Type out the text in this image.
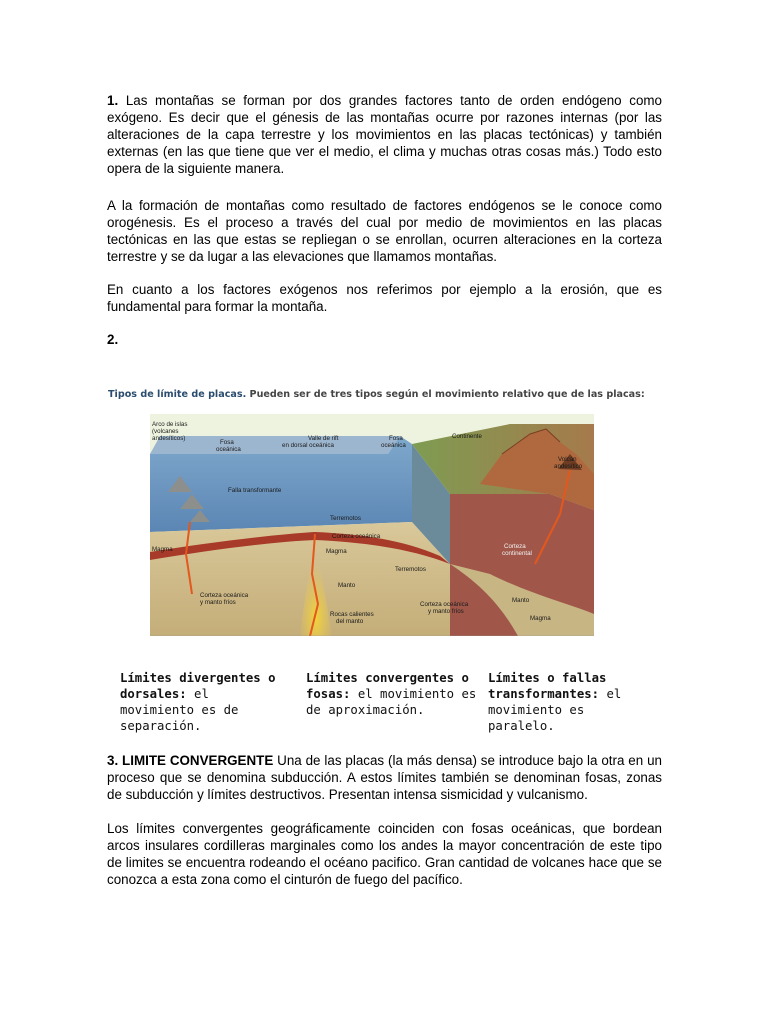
1. Las montañas se forman por dos grandes factores tanto de orden endógeno como exógeno. Es decir que el génesis de las montañas ocurre por razones internas (por las alteraciones de la capa terrestre y los movimientos en las placas tectónicas) y también externas (en las que tiene que ver el medio, el clima y muchas otras cosas más.) Todo esto opera de la siguiente manera.

A la formación de montañas como resultado de factores endógenos se le conoce como orogénesis. Es el proceso a través del cual por medio de movimientos en las placas tectónicas en las que estas se repliegan o se enrollan, ocurren alteraciones en la corteza terrestre y se da lugar a las elevaciones que llamamos montañas.

En cuanto a los factores exógenos nos referimos por ejemplo a la erosión, que es fundamental para formar la montaña.

2.

Tipos de límite de placas. Pueden ser de tres tipos según el movimiento relativo que de las placas:
Arco de islas
(volcanes
andesíticos)
Fosa
oceánica
Valle de rift
en dorsal oceánica
Fosa
oceánica
Continente
Volcán
andesítico
Falla transformante
Terremotos
Corteza oceánica
Magma	Magma
Terremotos
Corteza
continental
Manto
Manto
Corteza oceánica
y manto fríos
Rocas calientes
del manto
Corteza oceánica
y manto fríos
Magma
Límites divergentes o dorsales: el movimiento es de separación.
Límites convergentes o fosas: el movimiento es de aproximación.
Límites o fallas transformantes: el movimiento es paralelo.

3. LIMITE CONVERGENTE Una de las placas (la más densa) se introduce bajo la otra en un proceso que se denomina subducción. A estos límites también se denominan fosas, zonas de subducción y límites destructivos. Presentan intensa sismicidad y vulcanismo.

Los límites convergentes geográficamente coinciden con fosas oceánicas, que bordean arcos insulares cordilleras marginales como los andes la mayor concentración de este tipo de limites se encuentra rodeando el océano pacifico. Gran cantidad de volcanes hace que se conozca a esta zona como el cinturón de fuego del pacífico.
